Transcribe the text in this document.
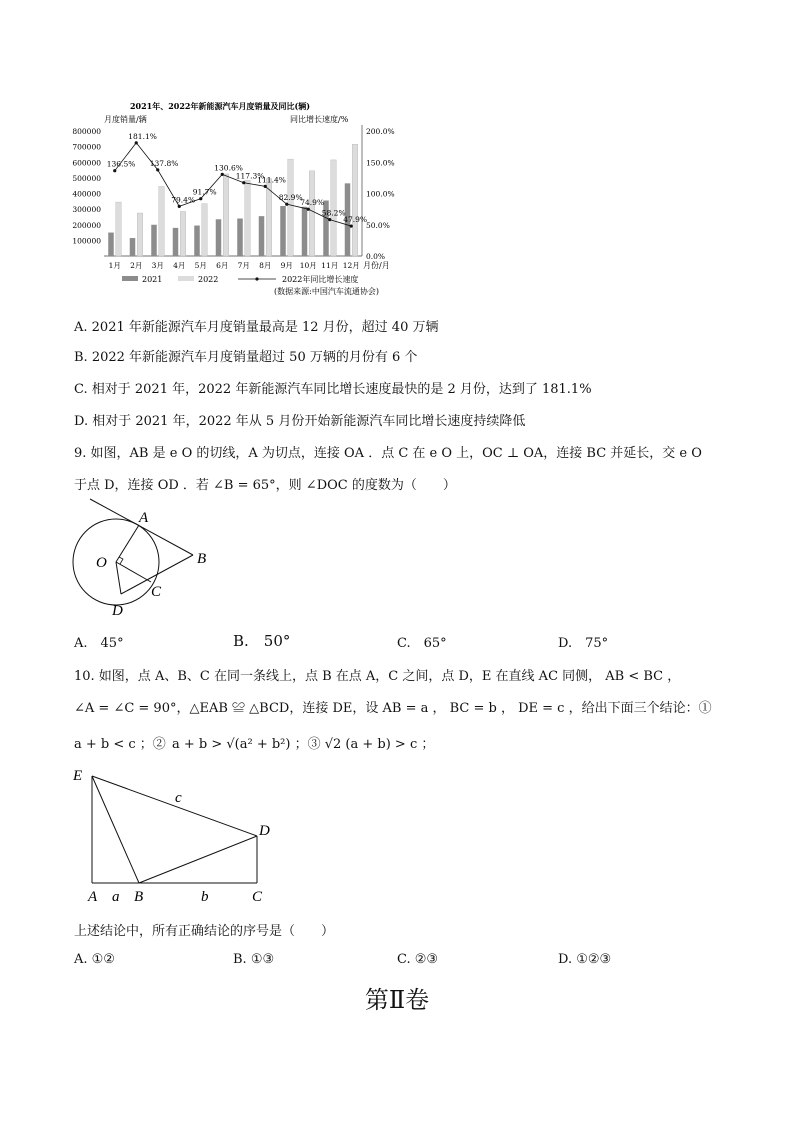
2021年、2022年新能源汽车月度销量及同比(辆)
月度销量/辆	同比增长速度/%
800000
700000
600000
500000
400000
300000
200000
100000
200.0%
150.0%
100.0%
50.0%
0.0%
136.5%
181.1%
137.8%
79.4%
91.7%
130.6%
117.3%
111.4%
82.9%
74.9%
58.2%
47.9%
1月 2月 3月 4月 5月 6月 7月 8月 9月 10月 11月 12月 月份/月
2021	2022	2022年同比增长速度
(数据来源:中国汽车流通协会)
A. 2021 年新能源汽车月度销量最高是 12 月份，超过 40 万辆
B. 2022 年新能源汽车月度销量超过 50 万辆的月份有 6 个
C. 相对于 2021 年，2022 年新能源汽车同比增长速度最快的是 2 月份，达到了 181.1%
D. 相对于 2021 年，2022 年从 5 月份开始新能源汽车同比增长速度持续降低
9. 如图，AB 是 e O 的切线，A 为切点，连接 OA ．点 C 在 e O 上，OC ⊥ OA，连接 BC 并延长，交 e O
于点 D，连接 OD ．若 ∠B = 65°，则 ∠DOC 的度数为（　　）
A
B
O
C
D
A.　45°	B.　50°	C.　65°	D.　75°
10. 如图，点 A、B、C 在同一条线上，点 B 在点 A，C 之间，点 D，E 在直线 AC 同侧， AB < BC ，
∠A = ∠C = 90°，△EAB ≌ △BCD，连接 DE，设 AB = a ， BC = b ， DE = c ，给出下面三个结论：①
a + b < c ；② a + b > √(a² + b²) ；③ √2 (a + b) > c ；
E
D
A B	C
a	b
c
上述结论中，所有正确结论的序号是（　　）
A. ①②	B. ①③	C. ②③	D. ①②③
第Ⅱ卷
